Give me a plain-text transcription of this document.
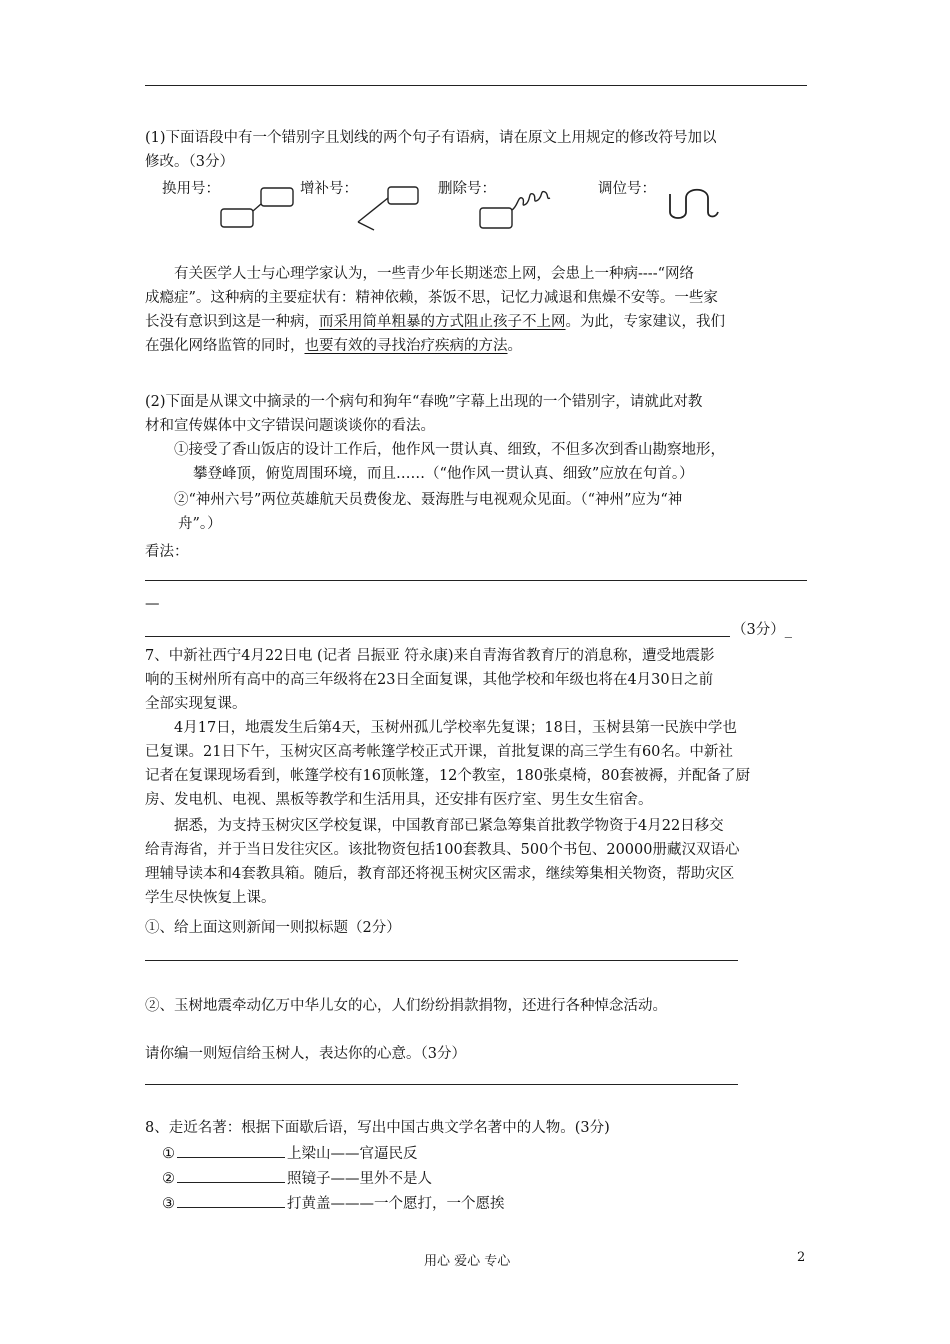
(1)下面语段中有一个错别字且划线的两个句子有语病，请在原文上用规定的修改符号加以
修改。（3分）
换用号：	增补号：	删除号：	调位号：
有关医学人士与心理学家认为，一些青少年长期迷恋上网，会患上一种病----“网络
成瘾症”。这种病的主要症状有：精神依赖，茶饭不思，记忆力减退和焦燥不安等。一些家
长没有意识到这是一种病，而采用简单粗暴的方式阻止孩子不上网。为此，专家建议，我们
在强化网络监管的同时，也要有效的寻找治疗疾病的方法。
(2)下面是从课文中摘录的一个病句和狗年“春晚”字幕上出现的一个错别字，请就此对教
材和宣传媒体中文字错误问题谈谈你的看法。
①接受了香山饭店的设计工作后，他作风一贯认真、细致，不但多次到香山勘察地形，
攀登峰顶，俯览周围环境，而且……（“他作风一贯认真、细致”应放在句首。）
②“神州六号”两位英雄航天员费俊龙、聂海胜与电视观众见面。（“神州”应为“神
舟”。）
看法：
—
（3分）_
7、中新社西宁4月22日电 (记者 吕振亚 符永康)来自青海省教育厅的消息称，遭受地震影
响的玉树州所有高中的高三年级将在23日全面复课，其他学校和年级也将在4月30日之前
全部实现复课。
4月17日，地震发生后第4天，玉树州孤儿学校率先复课；18日，玉树县第一民族中学也
已复课。21日下午，玉树灾区高考帐篷学校正式开课，首批复课的高三学生有60名。中新社
记者在复课现场看到，帐篷学校有16顶帐篷，12个教室，180张桌椅，80套被褥，并配备了厨
房、发电机、电视、黑板等教学和生活用具，还安排有医疗室、男生女生宿舍。
据悉，为支持玉树灾区学校复课，中国教育部已紧急筹集首批教学物资于4月22日移交
给青海省，并于当日发往灾区。该批物资包括100套教具、500个书包、20000册藏汉双语心
理辅导读本和4套教具箱。随后，教育部还将视玉树灾区需求，继续筹集相关物资，帮助灾区
学生尽快恢复上课。
①、给上面这则新闻一则拟标题（2分）
②、玉树地震牵动亿万中华儿女的心，人们纷纷捐款捐物，还进行各种悼念活动。
请你编一则短信给玉树人，表达你的心意。（3分）
8、走近名著：根据下面歇后语，写出中国古典文学名著中的人物。(3分)
①	上梁山——官逼民反
②	照镜子——里外不是人
③	打黄盖———一个愿打，一个愿挨
用心 爱心 专心	2
